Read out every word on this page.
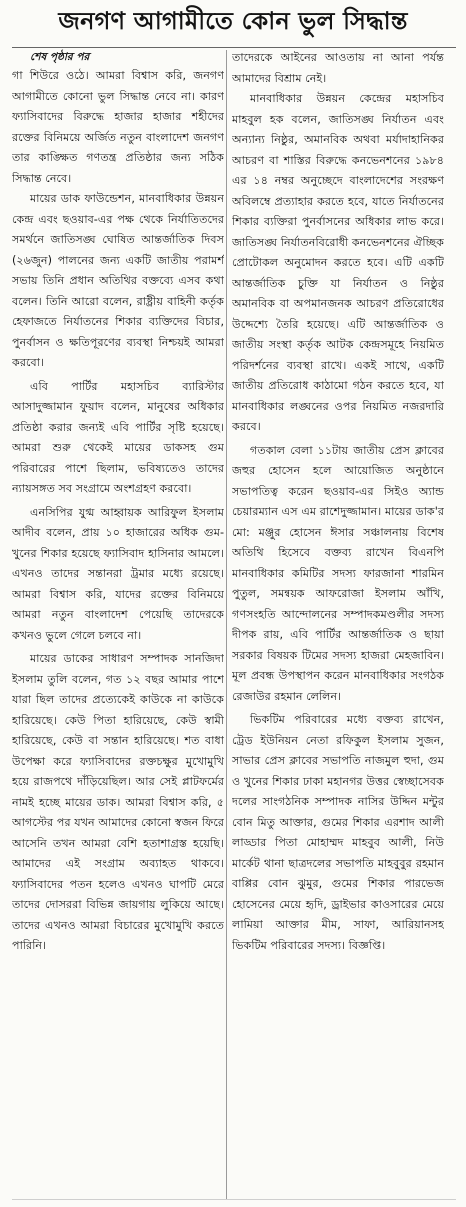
জনগণ আগামীতে কোন ভুল সিদ্ধান্ত

শেষ পৃষ্ঠার পর

গা শিউরে ওঠে। আমরা বিশ্বাস করি, জনগণ আগামীতে কোনো ভুল সিদ্ধান্ত নেবে না। কারণ ফ্যাসিবাদের বিরুদ্ধে হাজার হাজার শহীদের রক্তের বিনিময়ে অর্জিত নতুন বাংলাদেশ জনগণ তার কাঙ্ক্ষিত গণতন্ত্র প্রতিষ্ঠার জন্য সঠিক সিদ্ধান্ত নেবে।

মায়ের ডাক ফাউন্ডেশন, মানবাধিকার উন্নয়ন কেন্দ্র এবং ছওয়াব-এর পক্ষ থেকে নির্যাতিতদের সমর্থনে জাতিসঙ্ঘ ঘোষিত আন্তর্জাতিক দিবস (২৬জুন) পালনের জন্য একটি জাতীয় পরামর্শ সভায় তিনি প্রধান অতিথির বক্তব্যে এসব কথা বলেন। তিনি আরো বলেন, রাষ্ট্রীয় বাহিনী কর্তৃক হেফাজতে নির্যাতনের শিকার ব্যক্তিদের বিচার, পুনর্বাসন ও ক্ষতিপূরণের ব্যবস্থা নিশ্চয়ই আমরা করবো।

এবি পার্টির মহাসচিব ব্যারিস্টার আসাদুজ্জামান ফুয়াদ বলেন, মানুষের অধিকার প্রতিষ্ঠা করার জন্যই এবি পার্টির সৃষ্টি হয়েছে। আমরা শুরু থেকেই মায়ের ডাকসহ গুম পরিবারের পাশে ছিলাম, ভবিষ্যতেও তাদের ন্যায়সঙ্গত সব সংগ্রামে অংশগ্রহণ করবো।

এনসিপির যুগ্ম আহ্বায়ক আরিফুল ইসলাম আদীব বলেন, প্রায় ১০ হাজারের অধিক গুম-খুনের শিকার হয়েছে ফ্যাসিবাদ হাসিনার আমলে। এখনও তাদের সন্তানরা ট্রমার মধ্যে রয়েছে। আমরা বিশ্বাস করি, যাদের রক্তের বিনিময়ে আমরা নতুন বাংলাদেশ পেয়েছি তাদেরকে কখনও ভুলে গেলে চলবে না।

মায়ের ডাকের সাধারণ সম্পাদক সানজিদা ইসলাম তুলি বলেন, গত ১২ বছর আমার পাশে যারা ছিল তাদের প্রত্যেকেই কাউকে না কাউকে হারিয়েছে। কেউ পিতা হারিয়েছে, কেউ স্বামী হারিয়েছে, কেউ বা সন্তান হারিয়েছে। শত বাধা উপেক্ষা করে ফ্যাসিবাদের রক্তচক্ষুর মুখোমুখি হয়ে রাজপথে দাঁড়িয়েছিল। আর সেই প্লাটফর্মের নামই হচ্ছে মায়ের ডাক। আমরা বিশ্বাস করি, ৫ আগস্টের পর যখন আমাদের কোনো স্বজন ফিরে আসেনি তখন আমরা বেশি হতাশাগ্রস্ত হয়েছি। আমাদের এই সংগ্রাম অব্যাহত থাকবে। ফ্যাসিবাদের পতন হলেও এখনও ঘাপটি মেরে তাদের দোসররা বিভিন্ন জায়গায় লুকিয়ে আছে। তাদের এখনও আমরা বিচারের মুখোমুখি করতে পারিনি।

তাদেরকে আইনের আওতায় না আনা পর্যন্ত আমাদের বিশ্রাম নেই।

মানবাধিকার উন্নয়ন কেন্দ্রের মহাসচিব মাহবুল হক বলেন, জাতিসঙ্ঘ নির্যাতন এবং অন্যান্য নিষ্ঠুর, অমানবিক অথবা মর্যাদাহানিকর আচরণ বা শাস্তির বিরুদ্ধে কনভেনশনের ১৯৮৪ এর ১৪ নম্বর অনুচ্ছেদে বাংলাদেশের সংরক্ষণ অবিলম্বে প্রত্যাহার করতে হবে, যাতে নির্যাতনের শিকার ব্যক্তিরা পুনর্বাসনের অধিকার লাভ করে। জাতিসঙ্ঘ নির্যাতনবিরোধী কনভেনশনের ঐচ্ছিক প্রোটোকল অনুমোদন করতে হবে। এটি একটি আন্তর্জাতিক চুক্তি যা নির্যাতন ও নিষ্ঠুর অমানবিক বা অপমানজনক আচরণ প্রতিরোধের উদ্দেশ্যে তৈরি হয়েছে। এটি আন্তর্জাতিক ও জাতীয় সংস্থা কর্তৃক আটক কেন্দ্রসমূহে নিয়মিত পরিদর্শনের ব্যবস্থা রাখে। একই সাথে, একটি জাতীয় প্রতিরোধ কাঠামো গঠন করতে হবে, যা মানবাধিকার লঙ্ঘনের ওপর নিয়মিত নজরদারি করবে।

গতকাল বেলা ১১টায় জাতীয় প্রেস ক্লাবের জহুর হোসেন হলে আয়োজিত অনুষ্ঠানে সভাপতিত্ব করেন ছওয়াব-এর সিইও অ্যান্ড চেয়ারম্যান এস এম রাশেদুজ্জামান। মায়ের ডাক'র মো: মঞ্জুর হোসেন ঈসার সঞ্চালনায় বিশেষ অতিথি হিসেবে বক্তব্য রাখেন বিএনপি মানবাধিকার কমিটির সদস্য ফারজানা শারমিন পুতুল, সমন্বয়ক আফরোজা ইসলাম আঁখি, গণসংহতি আন্দোলনের সম্পাদকমণ্ডলীর সদস্য দীপক রায়, এবি পার্টির আন্তর্জাতিক ও ছায়া সরকার বিষয়ক টিমের সদস্য হাজরা মেহজাবিন। মূল প্রবন্ধ উপস্থাপন করেন মানবাধিকার সংগঠক রেজাউর রহমান লেলিন।

ভিকটিম পরিবারের মধ্যে বক্তব্য রাখেন, ট্রেড ইউনিয়ন নেতা রফিকুল ইসলাম সুজন, সাভার প্রেস ক্লাবের সভাপতি নাজমুল হুদা, গুম ও খুনের শিকার ঢাকা মহানগর উত্তর স্বেচ্ছাসেবক দলের সাংগঠনিক সম্পাদক নাসির উদ্দিন মন্টুর বোন মিতু আক্তার, গুমের শিকার এরশাদ আলী লাড্ডার পিতা মোহাম্মদ মাহবুব আলী, নিউ মার্কেট থানা ছাত্রদলের সভাপতি মাহবুবুর রহমান বাপ্পির বোন ঝুমুর, গুমের শিকার পারভেজ হোসেনের মেয়ে হৃদি, ড্রাইভার কাওসারের মেয়ে লামিয়া আক্তার মীম, সাফা, আরিয়ানসহ ভিকটিম পরিবারের সদস্য। বিজ্ঞপ্তি।
